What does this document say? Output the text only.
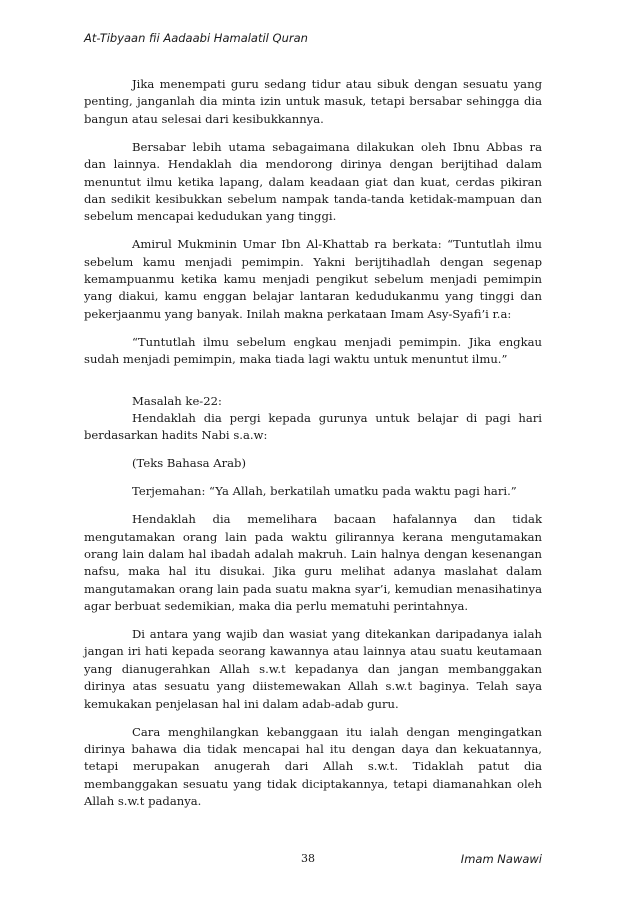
At-Tibyaan fii Aadaabi Hamalatil Quran

Jika menempati guru sedang tidur atau sibuk dengan sesuatu yang penting, janganlah dia minta izin untuk masuk, tetapi bersabar sehingga dia bangun atau selesai dari kesibukkannya.

Bersabar lebih utama sebagaimana dilakukan oleh Ibnu Abbas ra dan lainnya. Hendaklah dia mendorong dirinya dengan berijtihad dalam menuntut ilmu ketika lapang, dalam keadaan giat dan kuat, cerdas pikiran dan sedikit kesibukkan sebelum nampak tanda-tanda ketidak-mampuan dan sebelum mencapai kedudukan yang tinggi.

Amirul Mukminin Umar Ibn Al-Khattab ra berkata: “Tuntutlah ilmu sebelum kamu menjadi pemimpin. Yakni berijtihadlah dengan segenap kemampuanmu ketika kamu menjadi pengikut sebelum menjadi pemimpin yang diakui, kamu enggan belajar lantaran kedudukanmu yang tinggi dan pekerjaanmu yang banyak. Inilah makna perkataan Imam Asy-Syafi’i r.a:

“Tuntutlah ilmu sebelum engkau menjadi pemimpin. Jika engkau sudah menjadi pemimpin, maka tiada lagi waktu untuk menuntut ilmu.”

Masalah ke-22:

Hendaklah dia pergi kepada gurunya untuk belajar di pagi hari berdasarkan hadits Nabi s.a.w:

(Teks Bahasa Arab)

Terjemahan: “Ya Allah, berkatilah umatku pada waktu pagi hari.”

Hendaklah dia memelihara bacaan hafalannya dan tidak mengutamakan orang lain pada waktu gilirannya kerana mengutamakan orang lain dalam hal ibadah adalah makruh. Lain halnya dengan kesenangan nafsu, maka hal itu disukai. Jika guru melihat adanya maslahat dalam mangutamakan orang lain pada suatu makna syar’i, kemudian menasihatinya agar berbuat sedemikian, maka dia perlu mematuhi perintahnya.

Di antara yang wajib dan wasiat yang ditekankan daripadanya ialah jangan iri hati kepada seorang kawannya atau lainnya atau suatu keutamaan yang dianugerahkan Allah s.w.t kepadanya dan jangan membanggakan dirinya atas sesuatu yang diistemewakan Allah s.w.t baginya. Telah saya kemukakan penjelasan hal ini dalam adab-adab guru.

Cara menghilangkan kebanggaan itu ialah dengan mengingatkan dirinya bahawa dia tidak mencapai hal itu dengan daya dan kekuatannya, tetapi merupakan anugerah dari Allah s.w.t. Tidaklah patut dia membanggakan sesuatu yang tidak diciptakannya, tetapi diamanahkan oleh Allah s.w.t padanya.

38	Imam Nawawi
